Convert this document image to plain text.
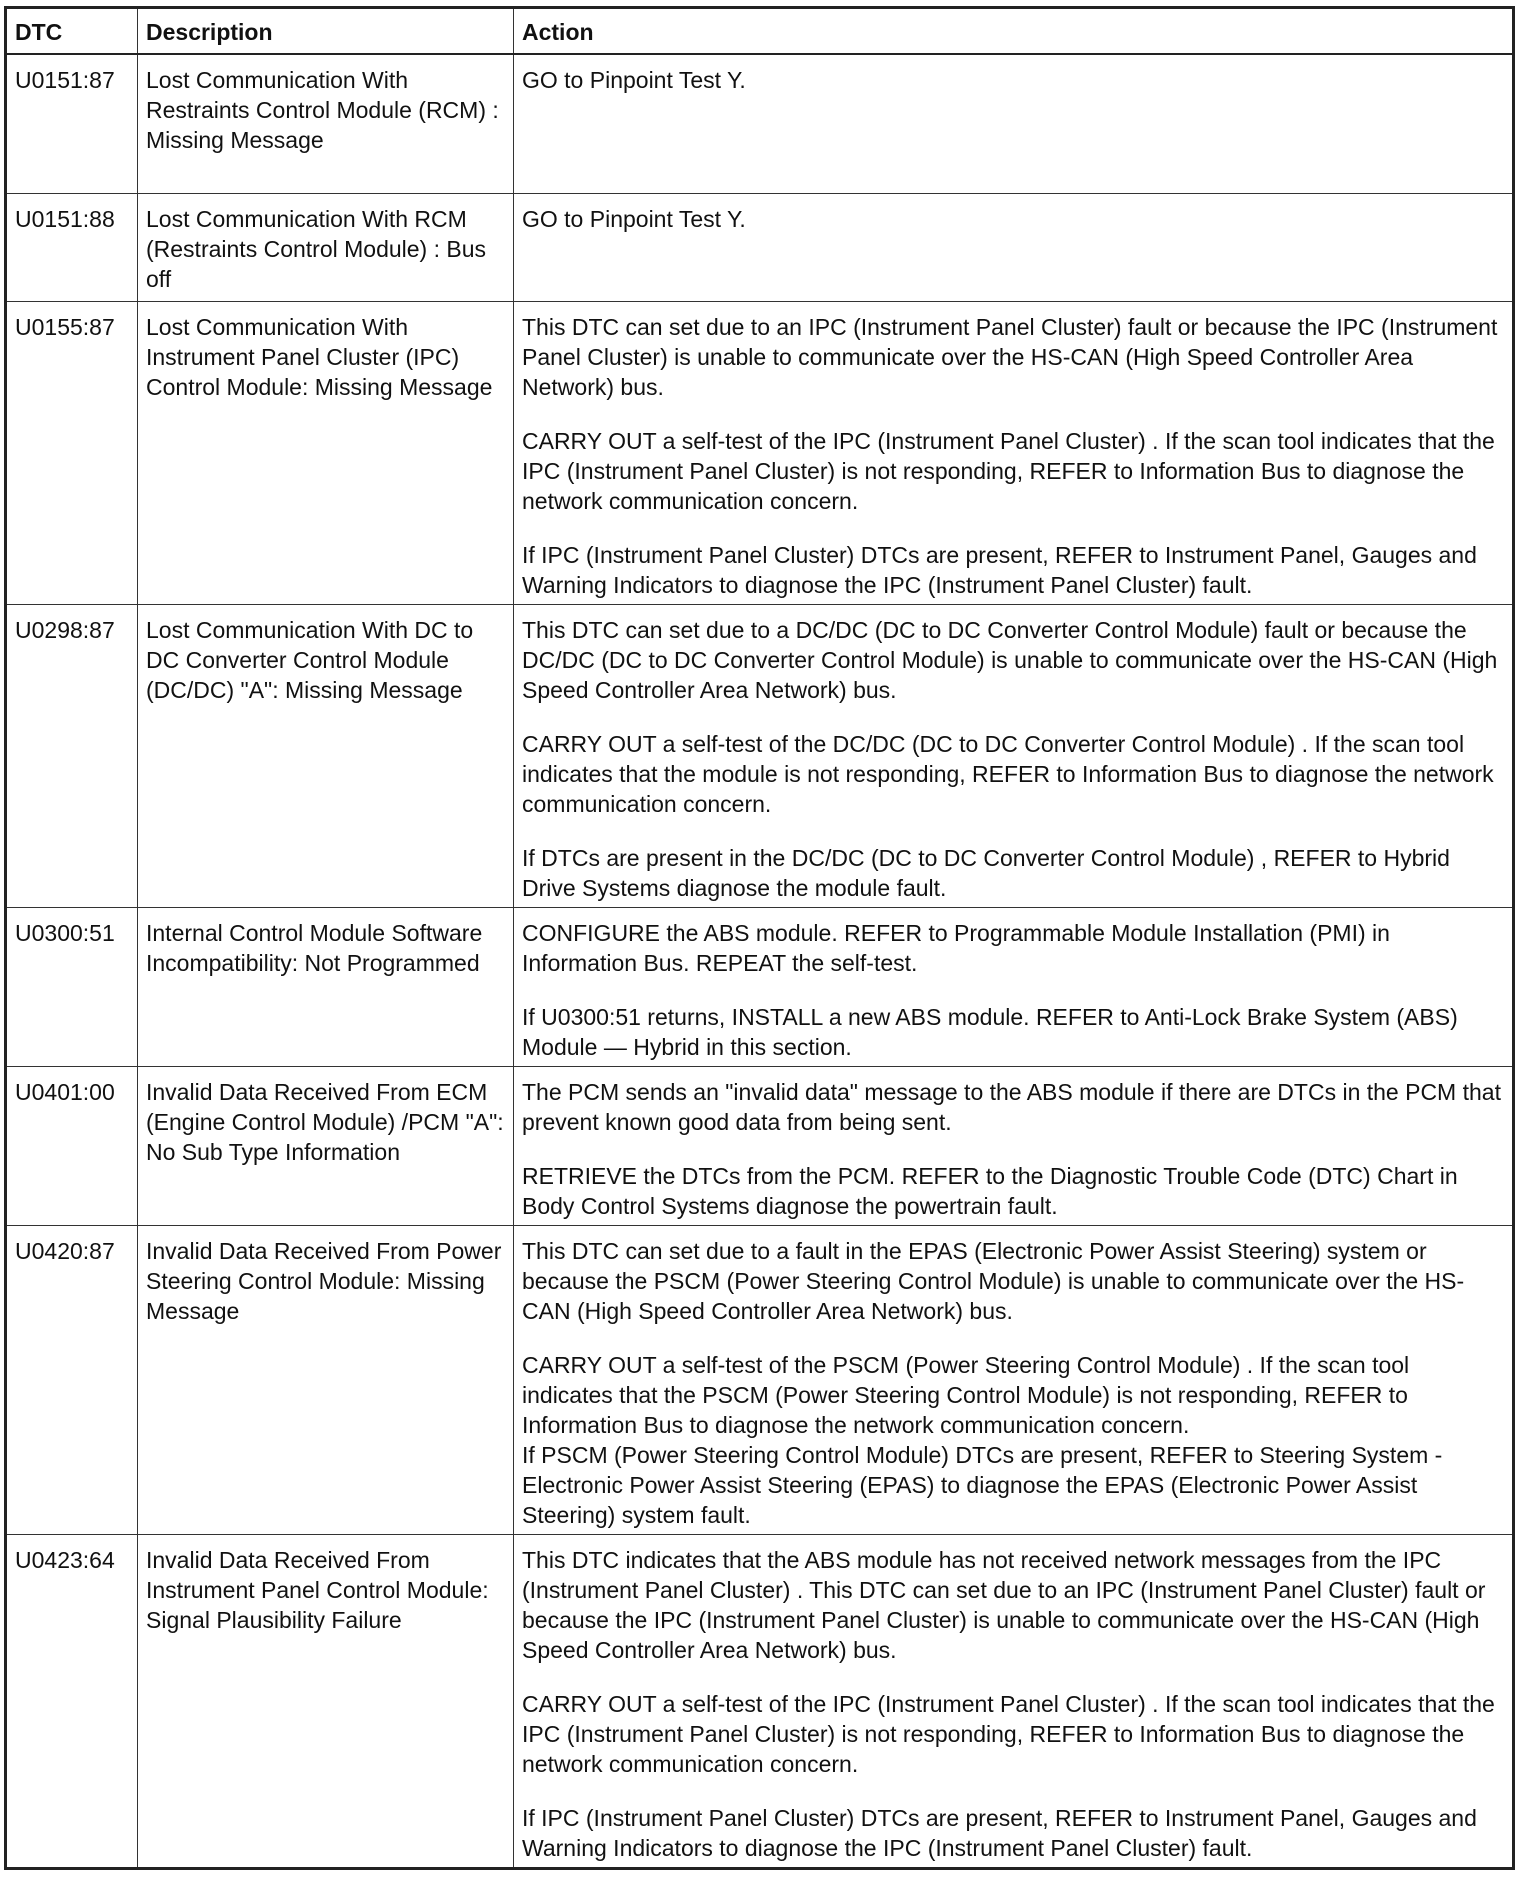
DTC	Description	Action
U0151:87	Lost Communication With Restraints Control Module (RCM) : Missing Message	GO to Pinpoint Test Y.

U0151:88	Lost Communication With RCM (Restraints Control Module) : Bus off	GO to Pinpoint Test Y.

U0155:87	Lost Communication With Instrument Panel Cluster (IPC) Control Module: Missing Message	This DTC can set due to an IPC (Instrument Panel Cluster) fault or because the IPC (Instrument Panel Cluster) is unable to communicate over the HS-CAN (High Speed Controller Area Network) bus.

CARRY OUT a self-test of the IPC (Instrument Panel Cluster) . If the scan tool indicates that the IPC (Instrument Panel Cluster) is not responding, REFER to Information Bus to diagnose the network communication concern.

If IPC (Instrument Panel Cluster) DTCs are present, REFER to Instrument Panel, Gauges and Warning Indicators to diagnose the IPC (Instrument Panel Cluster) fault.

U0298:87	Lost Communication With DC to DC Converter Control Module (DC/DC) "A": Missing Message	This DTC can set due to a DC/DC (DC to DC Converter Control Module) fault or because the DC/DC (DC to DC Converter Control Module) is unable to communicate over the HS-CAN (High Speed Controller Area Network) bus.

CARRY OUT a self-test of the DC/DC (DC to DC Converter Control Module) . If the scan tool indicates that the module is not responding, REFER to Information Bus to diagnose the network communication concern.

If DTCs are present in the DC/DC (DC to DC Converter Control Module) , REFER to Hybrid Drive Systems diagnose the module fault.

U0300:51	Internal Control Module Software Incompatibility: Not Programmed	CONFIGURE the ABS module. REFER to Programmable Module Installation (PMI) in Information Bus. REPEAT the self-test.

If U0300:51 returns, INSTALL a new ABS module. REFER to Anti-Lock Brake System (ABS) Module — Hybrid in this section.

U0401:00	Invalid Data Received From ECM (Engine Control Module) /PCM "A": No Sub Type Information	The PCM sends an "invalid data" message to the ABS module if there are DTCs in the PCM that prevent known good data from being sent.

RETRIEVE the DTCs from the PCM. REFER to the Diagnostic Trouble Code (DTC) Chart in Body Control Systems diagnose the powertrain fault.

U0420:87	Invalid Data Received From Power Steering Control Module: Missing Message	This DTC can set due to a fault in the EPAS (Electronic Power Assist Steering) system or because the PSCM (Power Steering Control Module) is unable to communicate over the HS-CAN (High Speed Controller Area Network) bus.

CARRY OUT a self-test of the PSCM (Power Steering Control Module) . If the scan tool indicates that the PSCM (Power Steering Control Module) is not responding, REFER to Information Bus to diagnose the network communication concern.

If PSCM (Power Steering Control Module) DTCs are present, REFER to Steering System - Electronic Power Assist Steering (EPAS) to diagnose the EPAS (Electronic Power Assist Steering) system fault.

U0423:64	Invalid Data Received From Instrument Panel Control Module: Signal Plausibility Failure	This DTC indicates that the ABS module has not received network messages from the IPC (Instrument Panel Cluster) . This DTC can set due to an IPC (Instrument Panel Cluster) fault or because the IPC (Instrument Panel Cluster) is unable to communicate over the HS-CAN (High Speed Controller Area Network) bus.

CARRY OUT a self-test of the IPC (Instrument Panel Cluster) . If the scan tool indicates that the IPC (Instrument Panel Cluster) is not responding, REFER to Information Bus to diagnose the network communication concern.

If IPC (Instrument Panel Cluster) DTCs are present, REFER to Instrument Panel, Gauges and Warning Indicators to diagnose the IPC (Instrument Panel Cluster) fault.
